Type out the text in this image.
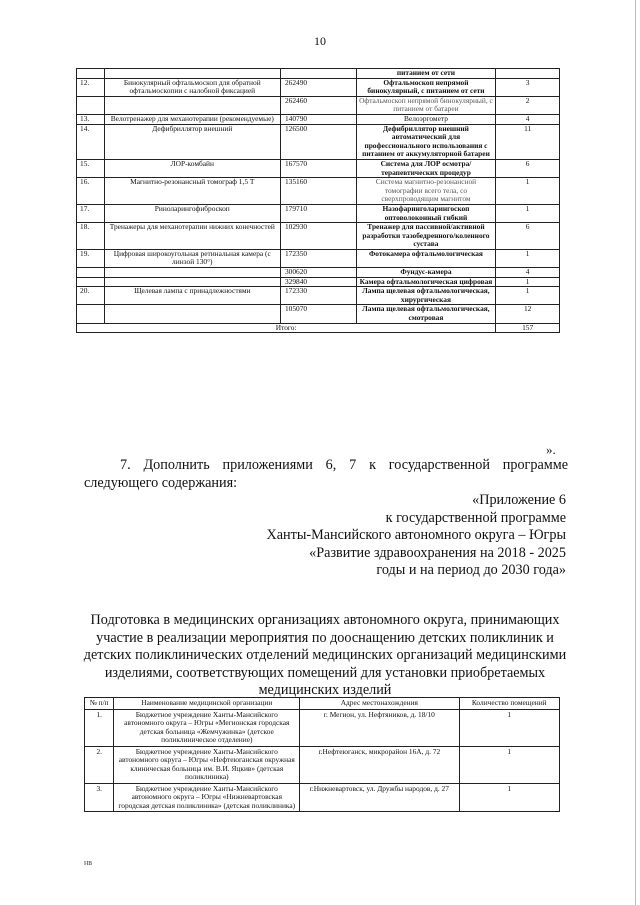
10
			питанием от сети	
12.	Бинокулярный офтальмоскоп для обратной офтальмоскопии с налобной фиксацией	262490	Офтальмоскоп непрямой бинокулярный, с питанием от сети	3
		262460	Офтальмоскоп непрямой бинокулярный, с питанием от батареи	2
13.	Велотренажер для механотерапии (рекомендуемые)	140790	Велоэргометр	4
14.	Дефибриллятор внешний	126500	Дефибриллятор внешний автоматический для профессионального использования с питанием от аккумуляторной батареи	11
15.	ЛОР-комбайн	167570	Система для ЛОР осмотра/терапевтических процедур	6
16.	Магнитно-резонансный томограф 1,5 Т	135160	Система магнитно-резонансной томографии всего тела, со сверхпроводящим магнитом	1
17.	Риноларингофиброскоп	179710	Назофаринголарингоскоп оптоволоконный гибкий	1
18.	Тренажеры для механотерапии нижних конечностей	102930	Тренажер для пассивной/активной разработки тазобедренного/коленного сустава	6
19.	Цифровая широкоугольная ретинальная камера (с линзой 130°)	172350	Фотокамера офтальмологическая	1
		300620	Фундус-камера	4
		329840	Камера офтальмологическая цифровая	1
20.	Щелевая лампа с принадлежностями	172330	Лампа щелевая офтальмологическая, хирургическая	1
		105070	Лампа щелевая офтальмологическая, смотровая	12
Итого:				157
».
7. Дополнить приложениями 6, 7 к государственной программе следующего содержания:
«Приложение 6
к государственной программе
Ханты-Мансийского автономного округа – Югры
«Развитие здравоохранения на 2018 - 2025
годы и на период до 2030 года»
Подготовка в медицинских организациях автономного округа, принимающих участие в реализации мероприятия по дооснащению детских поликлиник и детских поликлинических отделений медицинских организаций медицинскими изделиями, соответствующих помещений для установки приобретаемых медицинских изделий
№ п/п	Наименование медицинской организации	Адрес местонахождения	Количество помещений
1.	Бюджетное учреждение Ханты-Мансийского автономного округа – Югры «Мегионская городская детская больница «Жемчужинка» (детское поликлиническое отделение)	г. Мегион, ул. Нефтяников, д. 18/10	1
2.	Бюджетное учреждение Ханты-Мансийского автономного округа – Югры «Нефтеюганская окружная клиническая больница им. В.И. Яцкив» (детская поликлиника)	г.Нефтеюганск, микрорайон 16А, д. 72	1
3.	Бюджетное учреждение Ханты-Мансийского автономного округа – Югры «Нижневартовская городская детская поликлиника» (детская поликлиника)	г.Нижневартовск, ул. Дружбы народов, д. 27	1
нв
